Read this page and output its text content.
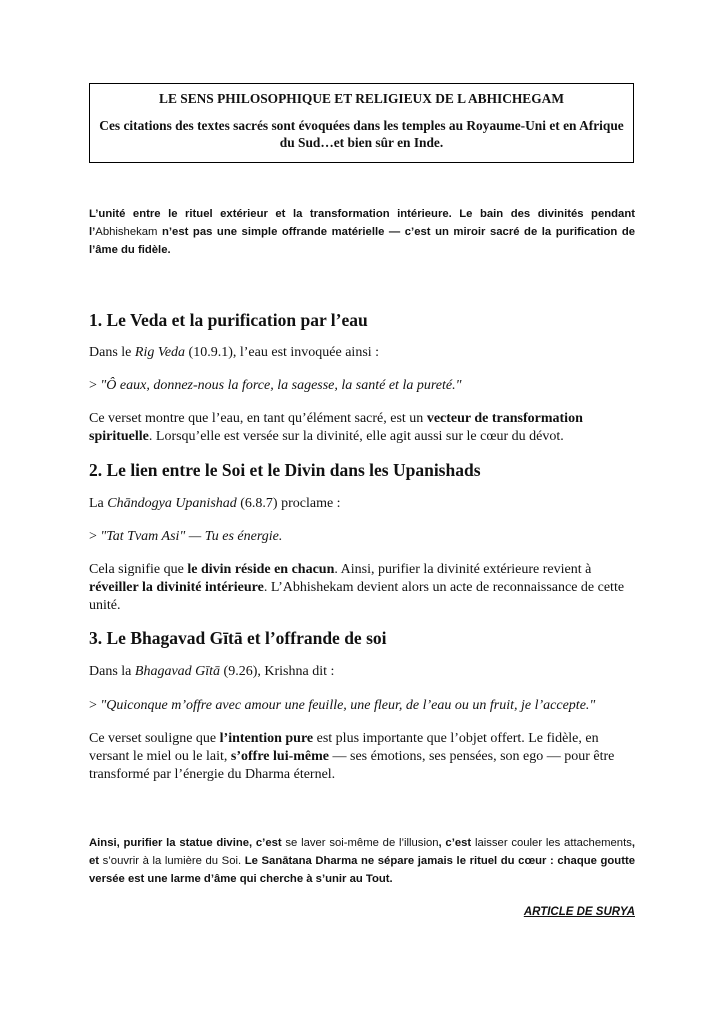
LE SENS PHILOSOPHIQUE ET RELIGIEUX DE L ABHICHEGAM
Ces citations des textes sacrés sont évoquées dans les temples au Royaume-Uni et en Afrique du Sud…et bien sûr en Inde.
L’unité entre le rituel extérieur et la transformation intérieure. Le bain des divinités pendant l’Abhishekam n’est pas une simple offrande matérielle — c’est un miroir sacré de la purification de l’âme du fidèle.
1. Le Veda et la purification par l’eau

Dans le Rig Veda (10.9.1), l’eau est invoquée ainsi :

> "Ô eaux, donnez-nous la force, la sagesse, la santé et la pureté."

Ce verset montre que l’eau, en tant qu’élément sacré, est un vecteur de transformation spirituelle. Lorsqu’elle est versée sur la divinité, elle agit aussi sur le cœur du dévot.

2. Le lien entre le Soi et le Divin dans les Upanishads

La Chāndogya Upanishad (6.8.7) proclame :

> "Tat Tvam Asi" — Tu es énergie.

Cela signifie que le divin réside en chacun. Ainsi, purifier la divinité extérieure revient à réveiller la divinité intérieure. L’Abhishekam devient alors un acte de reconnaissance de cette unité.

3. Le Bhagavad Gītā et l’offrande de soi

Dans la Bhagavad Gītā (9.26), Krishna dit :

> "Quiconque m’offre avec amour une feuille, une fleur, de l’eau ou un fruit, je l’accepte."

Ce verset souligne que l’intention pure est plus importante que l’objet offert. Le fidèle, en versant le miel ou le lait, s’offre lui-même — ses émotions, ses pensées, son ego — pour être transformé par l’énergie du Dharma éternel.

Ainsi, purifier la statue divine, c’est se laver soi-même de l’illusion, c’est laisser couler les attachements, et s’ouvrir à la lumière du Soi. Le Sanātana Dharma ne sépare jamais le rituel du cœur : chaque goutte versée est une larme d’âme qui cherche à s’unir au Tout.
ARTICLE DE SURYA
